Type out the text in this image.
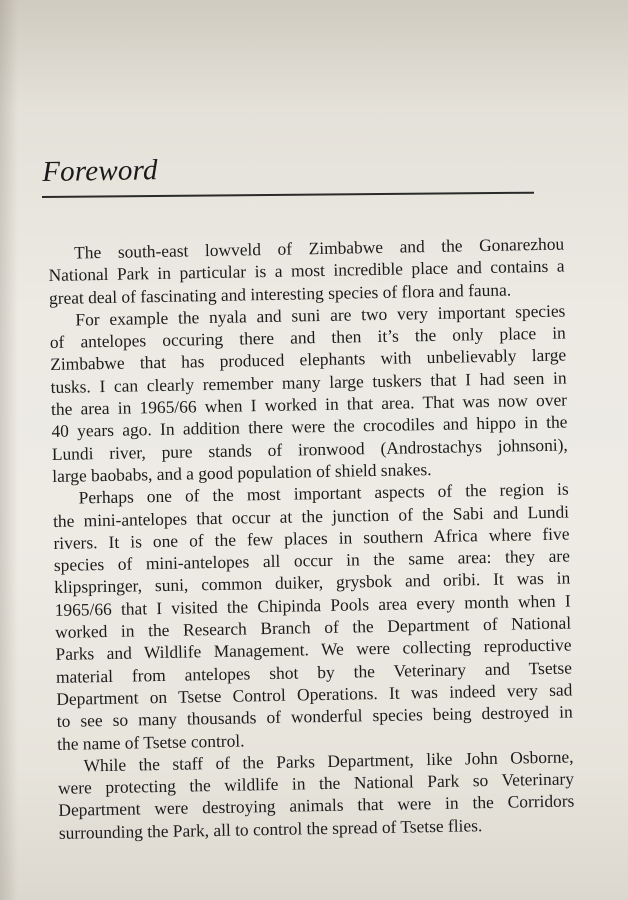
Foreword
The south-east lowveld of Zimbabwe and the Gonarezhou
National Park in particular is a most incredible place and contains a
great deal of fascinating and interesting species of flora and fauna.
For example the nyala and suni are two very important species
of antelopes occuring there and then it’s the only place in
Zimbabwe that has produced elephants with unbelievably large
tusks. I can clearly remember many large tuskers that I had seen in
the area in 1965/66 when I worked in that area. That was now over
40 years ago. In addition there were the crocodiles and hippo in the
Lundi river, pure stands of ironwood (Androstachys johnsoni),
large baobabs, and a good population of shield snakes.
Perhaps one of the most important aspects of the region is
the mini-antelopes that occur at the junction of the Sabi and Lundi
rivers. It is one of the few places in southern Africa where five
species of mini-antelopes all occur in the same area: they are
klipspringer, suni, common duiker, grysbok and oribi. It was in
1965/66 that I visited the Chipinda Pools area every month when I
worked in the Research Branch of the Department of National
Parks and Wildlife Management. We were collecting reproductive
material from antelopes shot by the Veterinary and Tsetse
Department on Tsetse Control Operations. It was indeed very sad
to see so many thousands of wonderful species being destroyed in
the name of Tsetse control.
While the staff of the Parks Department, like John Osborne,
were protecting the wildlife in the National Park so Veterinary
Department were destroying animals that were in the Corridors
surrounding the Park, all to control the spread of Tsetse flies.
